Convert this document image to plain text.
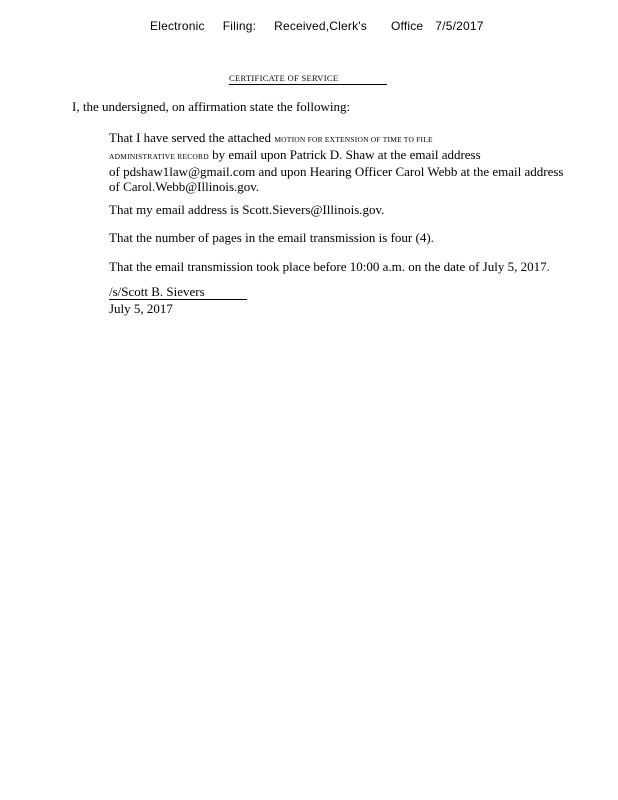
Electronic Filing: Received,Clerk's Office 7/5/2017
CERTIFICATE OF SERVICE
I, the undersigned, on affirmation state the following:
That I have served the attached MOTION FOR EXTENSION OF TIME TO FILE
ADMINISTRATIVE RECORD by email upon Patrick D. Shaw at the email address
of pdshaw1law@gmail.com and upon Hearing Officer Carol Webb at the email address
of Carol.Webb@Illinois.gov.
That my email address is Scott.Sievers@Illinois.gov.
That the number of pages in the email transmission is four (4).
That the email transmission took place before 10:00 a.m. on the date of July 5, 2017.
/s/Scott B. Sievers
July 5, 2017
